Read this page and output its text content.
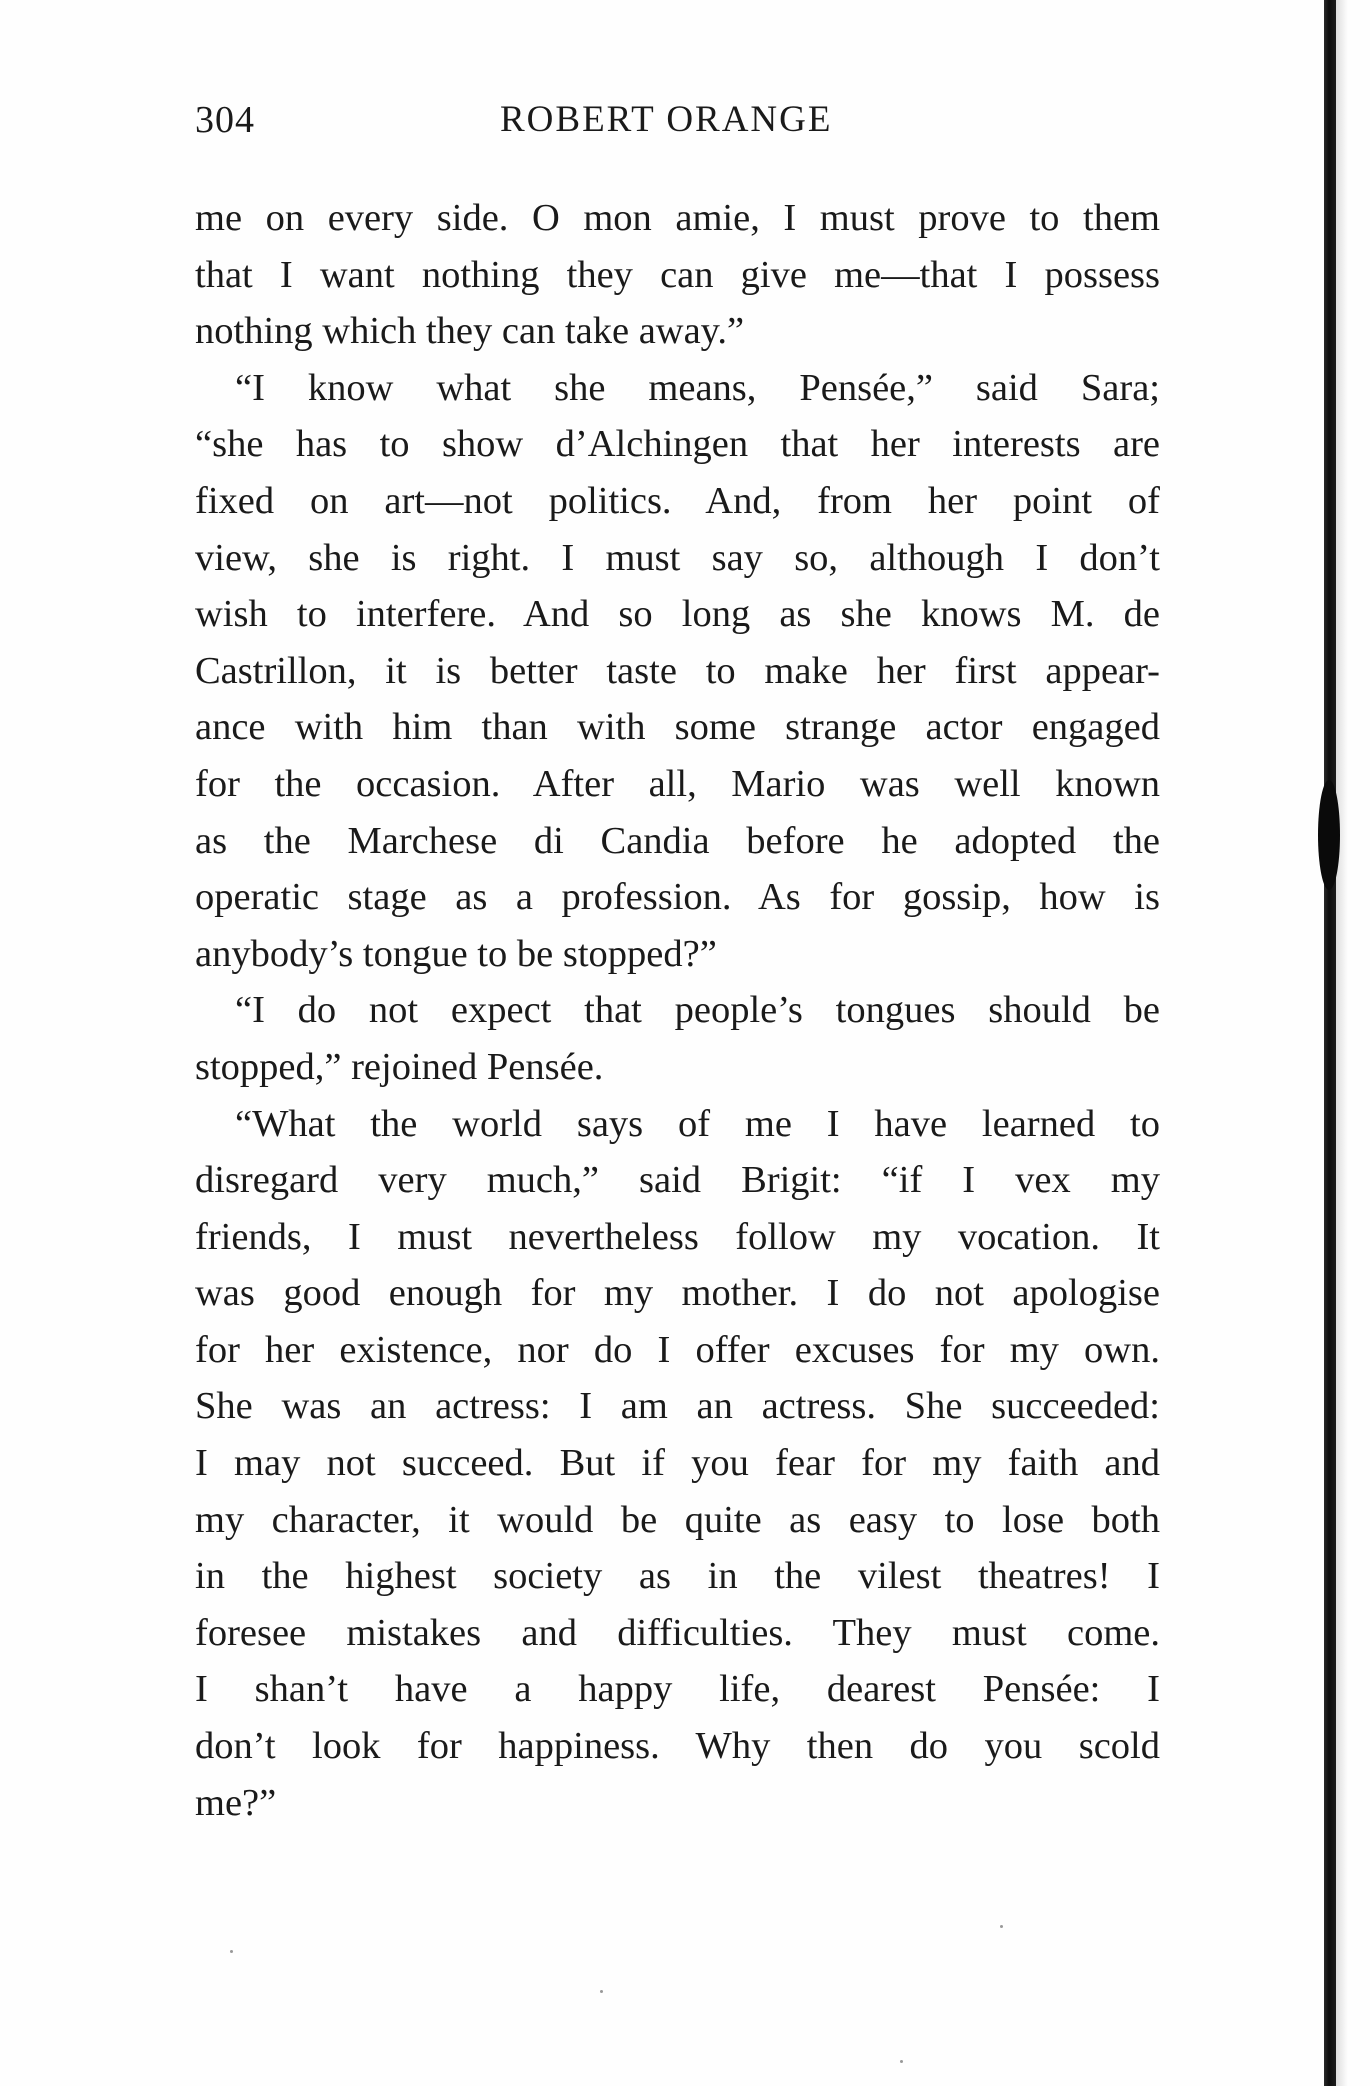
304	ROBERT ORANGE
me on every side. O mon amie, I must prove to them
that I want nothing they can give me—that I possess
nothing which they can take away.”
“I know what she means, Pensée,” said Sara;
“she has to show d’Alchingen that her interests are
fixed on art—not politics. And, from her point of
view, she is right. I must say so, although I don’t
wish to interfere. And so long as she knows M. de
Castrillon, it is better taste to make her first appear-
ance with him than with some strange actor engaged
for the occasion. After all, Mario was well known
as the Marchese di Candia before he adopted the
operatic stage as a profession. As for gossip, how is
anybody’s tongue to be stopped?”
“I do not expect that people’s tongues should be
stopped,” rejoined Pensée.
“What the world says of me I have learned to
disregard very much,” said Brigit: “if I vex my
friends, I must nevertheless follow my vocation. It
was good enough for my mother. I do not apologise
for her existence, nor do I offer excuses for my own.
She was an actress: I am an actress. She succeeded:
I may not succeed. But if you fear for my faith and
my character, it would be quite as easy to lose both
in the highest society as in the vilest theatres! I
foresee mistakes and difficulties. They must come.
I shan’t have a happy life, dearest Pensée: I
don’t look for happiness. Why then do you scold
me?”
